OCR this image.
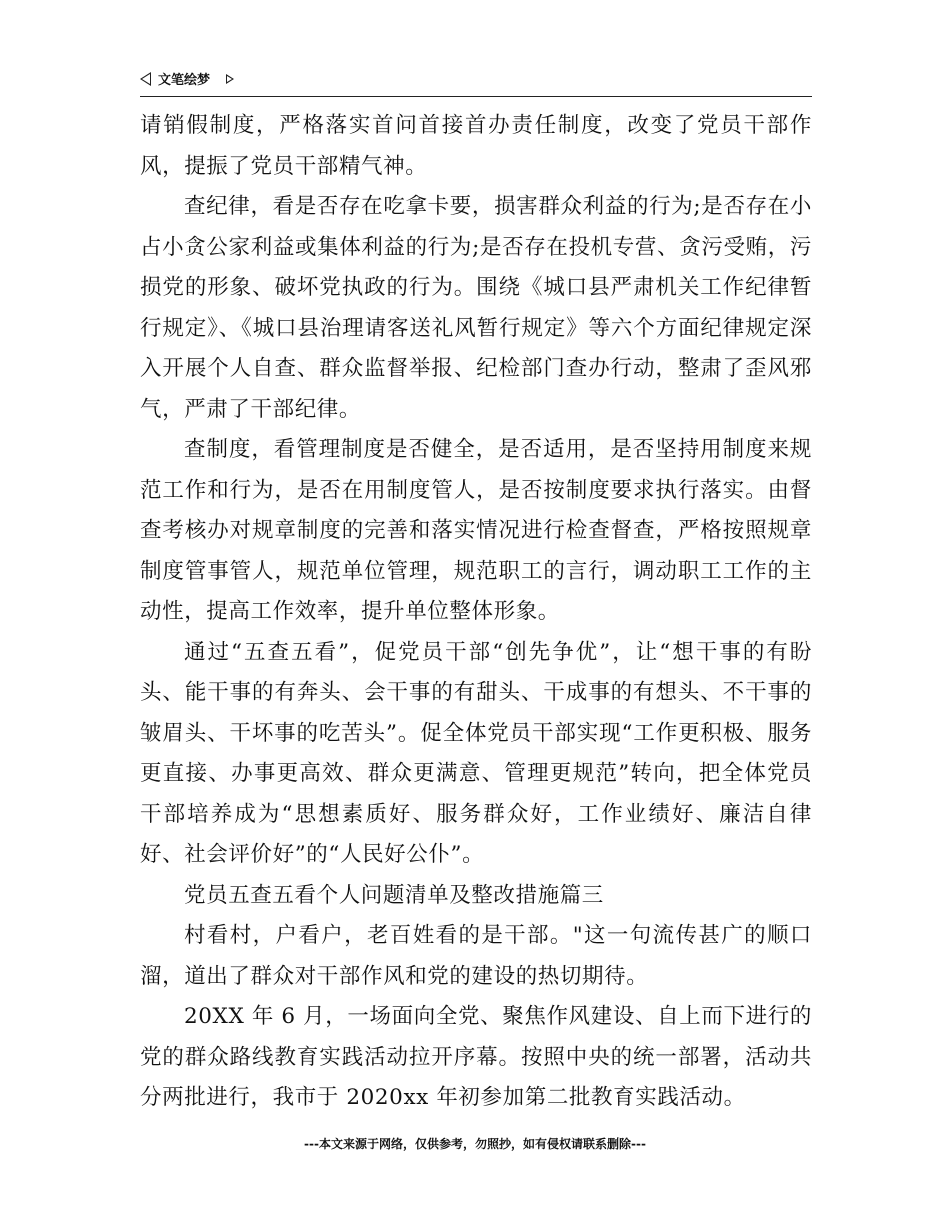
文笔绘梦

请销假制度，严格落实首问首接首办责任制度，改变了党员干部作风，提振了党员干部精气神。

查纪律，看是否存在吃拿卡要，损害群众利益的行为;是否存在小占小贪公家利益或集体利益的行为;是否存在投机专营、贪污受贿，污损党的形象、破坏党执政的行为。围绕《城口县严肃机关工作纪律暂行规定》、《城口县治理请客送礼风暂行规定》等六个方面纪律规定深入开展个人自查、群众监督举报、纪检部门查办行动，整肃了歪风邪气，严肃了干部纪律。

查制度，看管理制度是否健全，是否适用，是否坚持用制度来规范工作和行为，是否在用制度管人，是否按制度要求执行落实。由督查考核办对规章制度的完善和落实情况进行检查督查，严格按照规章制度管事管人，规范单位管理，规范职工的言行，调动职工工作的主动性，提高工作效率，提升单位整体形象。

通过“五查五看”，促党员干部“创先争优”，让“想干事的有盼头、能干事的有奔头、会干事的有甜头、干成事的有想头、不干事的皱眉头、干坏事的吃苦头”。促全体党员干部实现“工作更积极、服务更直接、办事更高效、群众更满意、管理更规范”转向，把全体党员干部培养成为“思想素质好、服务群众好，工作业绩好、廉洁自律好、社会评价好”的“人民好公仆”。

党员五查五看个人问题清单及整改措施篇三

村看村，户看户，老百姓看的是干部。"这一句流传甚广的顺口溜，道出了群众对干部作风和党的建设的热切期待。

20XX 年 6 月，一场面向全党、聚焦作风建设、自上而下进行的党的群众路线教育实践活动拉开序幕。按照中央的统一部署，活动共分两批进行，我市于 2020xx 年初参加第二批教育实践活动。

---本文来源于网络，仅供参考，勿照抄，如有侵权请联系删除---
